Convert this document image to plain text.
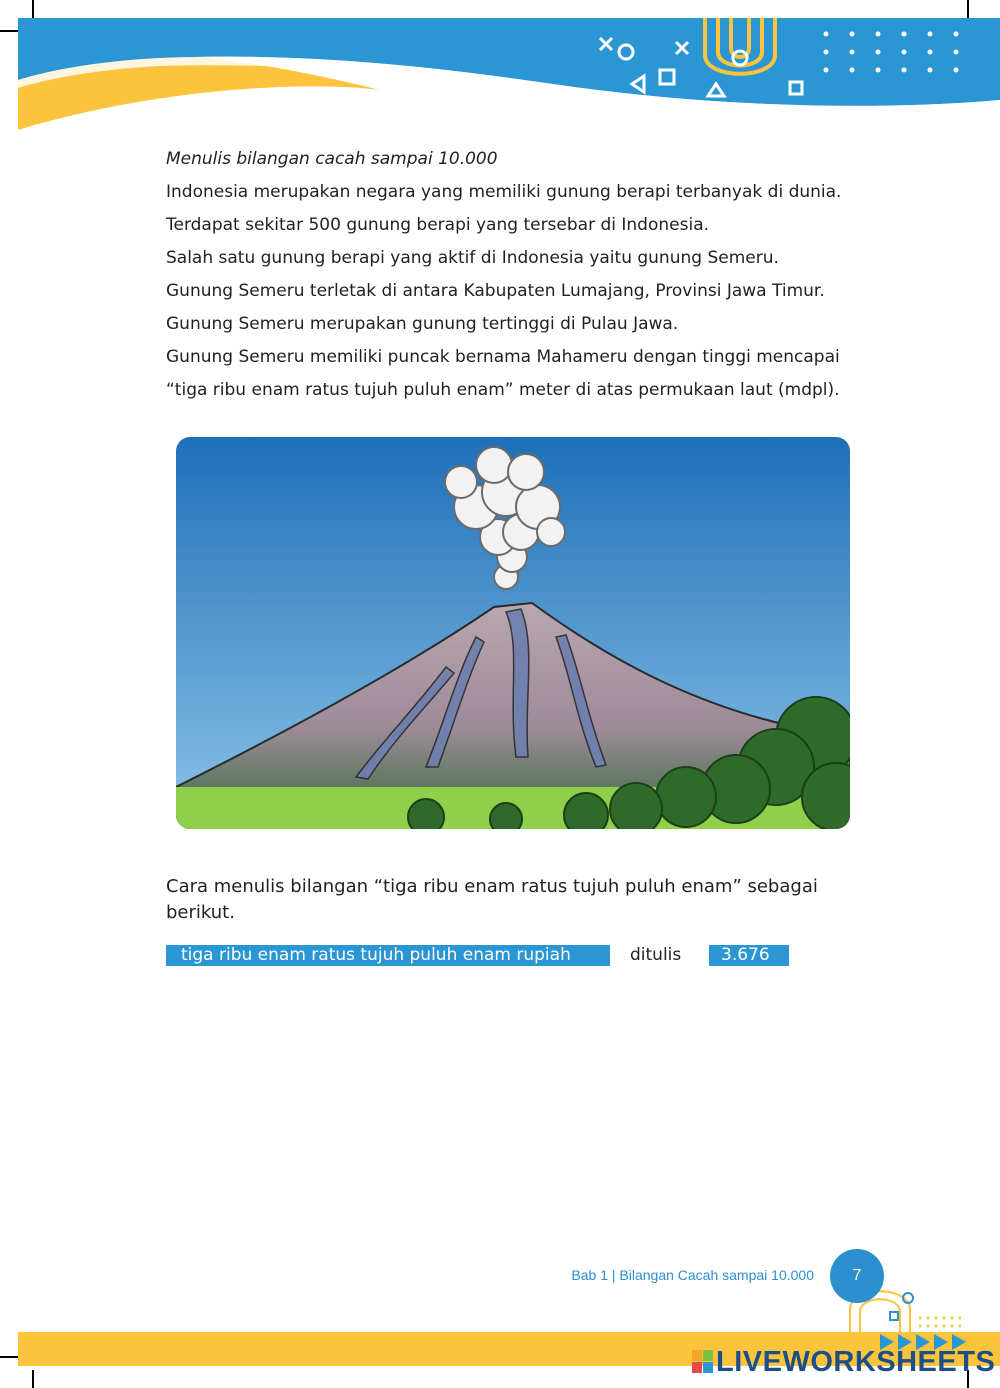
Menulis bilangan cacah sampai 10.000

Indonesia merupakan negara yang memiliki gunung berapi terbanyak di dunia.

Terdapat sekitar 500 gunung berapi yang tersebar di Indonesia.

Salah satu gunung berapi yang aktif di Indonesia yaitu gunung Semeru.

Gunung Semeru terletak di antara Kabupaten Lumajang, Provinsi Jawa Timur.

Gunung Semeru merupakan gunung tertinggi di Pulau Jawa.

Gunung Semeru memiliki puncak bernama Mahameru dengan tinggi mencapai

“tiga ribu enam ratus tujuh puluh enam” meter di atas permukaan laut (mdpl).

Cara menulis bilangan “tiga ribu enam ratus tujuh puluh enam” sebagai berikut.
tiga ribu enam ratus tujuh puluh enam rupiah	ditulis	3.676
Bab 1 | Bilangan Cacah sampai 10.000	7
LIVEWORKSHEETS
